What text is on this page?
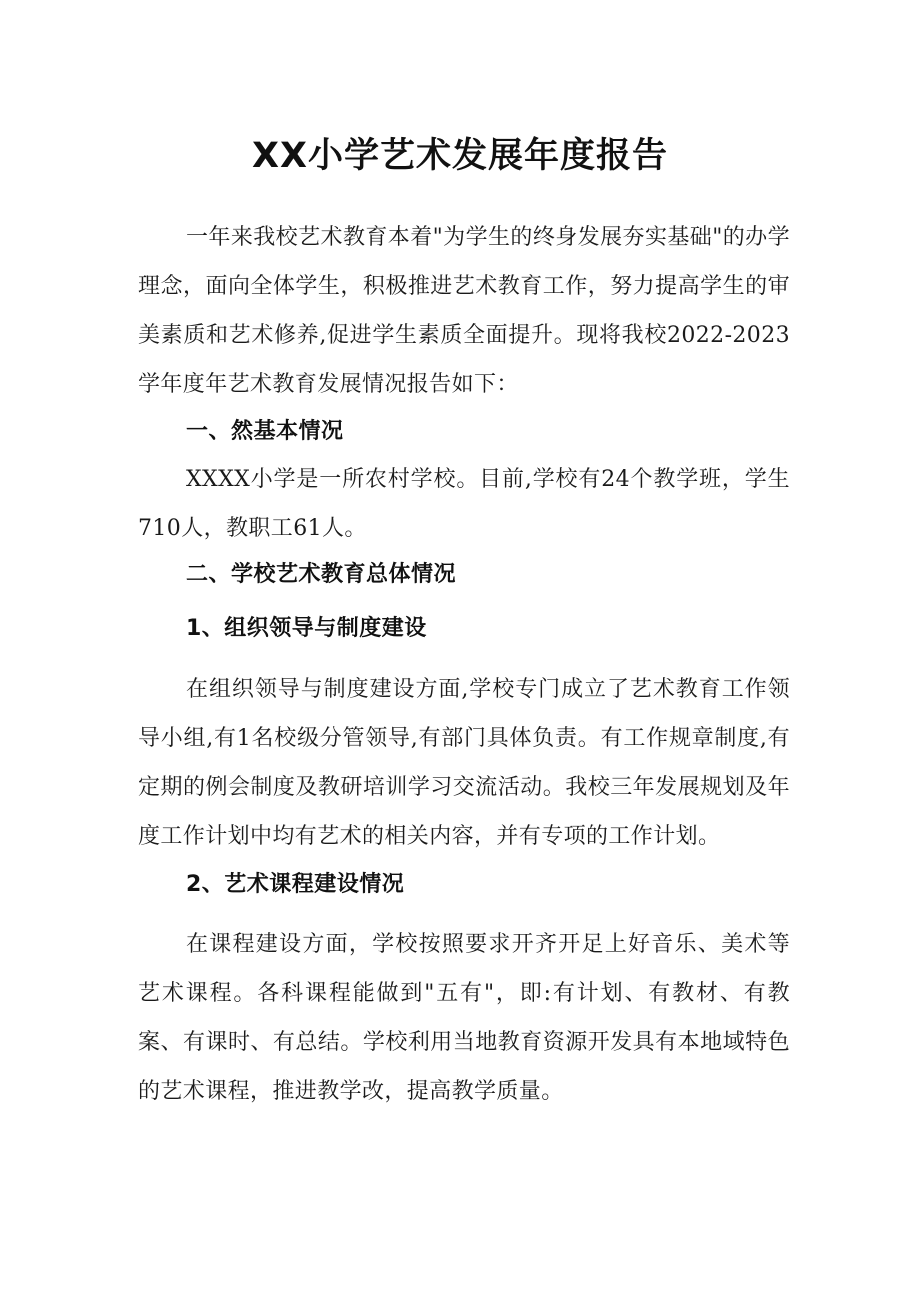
XX小学艺术发展年度报告

一年来我校艺术教育本着"为学生的终身发展夯实基础"的办学理念，面向全体学生，积极推进艺术教育工作，努力提高学生的审美素质和艺术修养,促进学生素质全面提升。现将我校2022-2023学年度年艺术教育发展情况报告如下：

一、然基本情况

XXXX小学是一所农村学校。目前,学校有24个教学班，学生710人，教职工61人。

二、学校艺术教育总体情况
1、组织领导与制度建设

在组织领导与制度建设方面,学校专门成立了艺术教育工作领导小组,有1名校级分管领导,有部门具体负责。有工作规章制度,有定期的例会制度及教研培训学习交流活动。我校三年发展规划及年度工作计划中均有艺术的相关内容，并有专项的工作计划。

2、艺术课程建设情况

在课程建设方面，学校按照要求开齐开足上好音乐、美术等艺术课程。各科课程能做到"五有"，即:有计划、有教材、有教案、有课时、有总结。学校利用当地教育资源开发具有本地域特色的艺术课程，推进教学改，提高教学质量。
